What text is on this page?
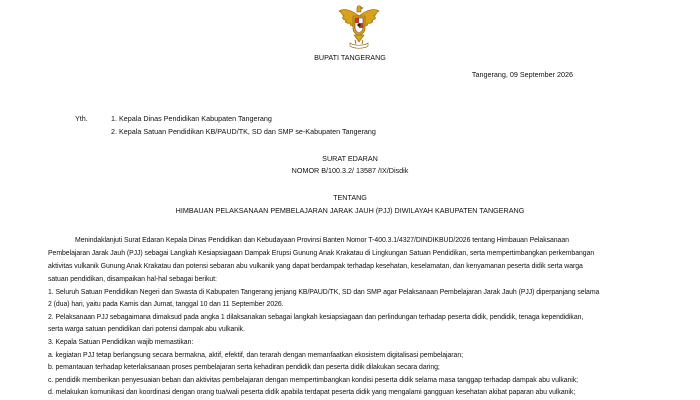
BUPATI TANGERANG
Tangerang, 09 September 2026
Yth.	1. Kepala Dinas Pendidikan Kabupaten Tangerang
2. Kepala Satuan Pendidikan KB/PAUD/TK, SD dan SMP se-Kabupaten Tangerang
SURAT EDARAN
NOMOR B/100.3.2/ 13587 /IX/Disdik
TENTANG
HIMBAUAN PELAKSANAAN PEMBELAJARAN JARAK JAUH (PJJ) DIWILAYAH KABUPATEN TANGERANG
Menindaklanjuti Surat Edaran Kepala Dinas Pendidikan dan Kebudayaan Provinsi Banten Nomor T-400.3.1/4327/DINDIKBUD/2026 tentang Himbauan Pelaksanaan
Pembelajaran Jarak Jauh (PJJ) sebagai Langkah Kesiapsiagaan Dampak Erupsi Gunung Anak Krakatau di Lingkungan Satuan Pendidikan, serta mempertimbangkan perkembangan
aktivitas vulkanik Gunung Anak Krakatau dan potensi sebaran abu vulkanik yang dapat berdampak terhadap kesehatan, keselamatan, dan kenyamanan peserta didik serta warga
satuan pendidikan, disampaikan hal-hal sebagai berikut:
1. Seluruh Satuan Pendidikan Negeri dan Swasta di Kabupaten Tangerang jenjang KB/PAUD/TK, SD dan SMP agar Pelaksanaan Pembelajaran Jarak Jauh (PJJ) diperpanjang selama
2 (dua) hari, yaitu pada Kamis dan Jumat, tanggal 10 dan 11 September 2026.
2. Pelaksanaan PJJ sebagaimana dimaksud pada angka 1 dilaksanakan sebagai langkah kesiapsiagaan dan perlindungan terhadap peserta didik, pendidik, tenaga kependidikan,
serta warga satuan pendidikan dari potensi dampak abu vulkanik.
3. Kepala Satuan Pendidikan wajib memastikan:
a. kegiatan PJJ tetap berlangsung secara bermakna, aktif, efektif, dan terarah dengan memanfaatkan ekosistem digitalisasi pembelajaran;
b. pemantauan terhadap keterlaksanaan proses pembelajaran serta kehadiran pendidik dan peserta didik dilakukan secara daring;
c. pendidik memberikan penyesuaian beban dan aktivitas pembelajaran dengan mempertimbangkan kondisi peserta didik selama masa tanggap terhadap dampak abu vulkanik;
d. melakukan komunikasi dan koordinasi dengan orang tua/wali peserta didik apabila terdapat peserta didik yang mengalami gangguan kesehatan akibat paparan abu vulkanik;
